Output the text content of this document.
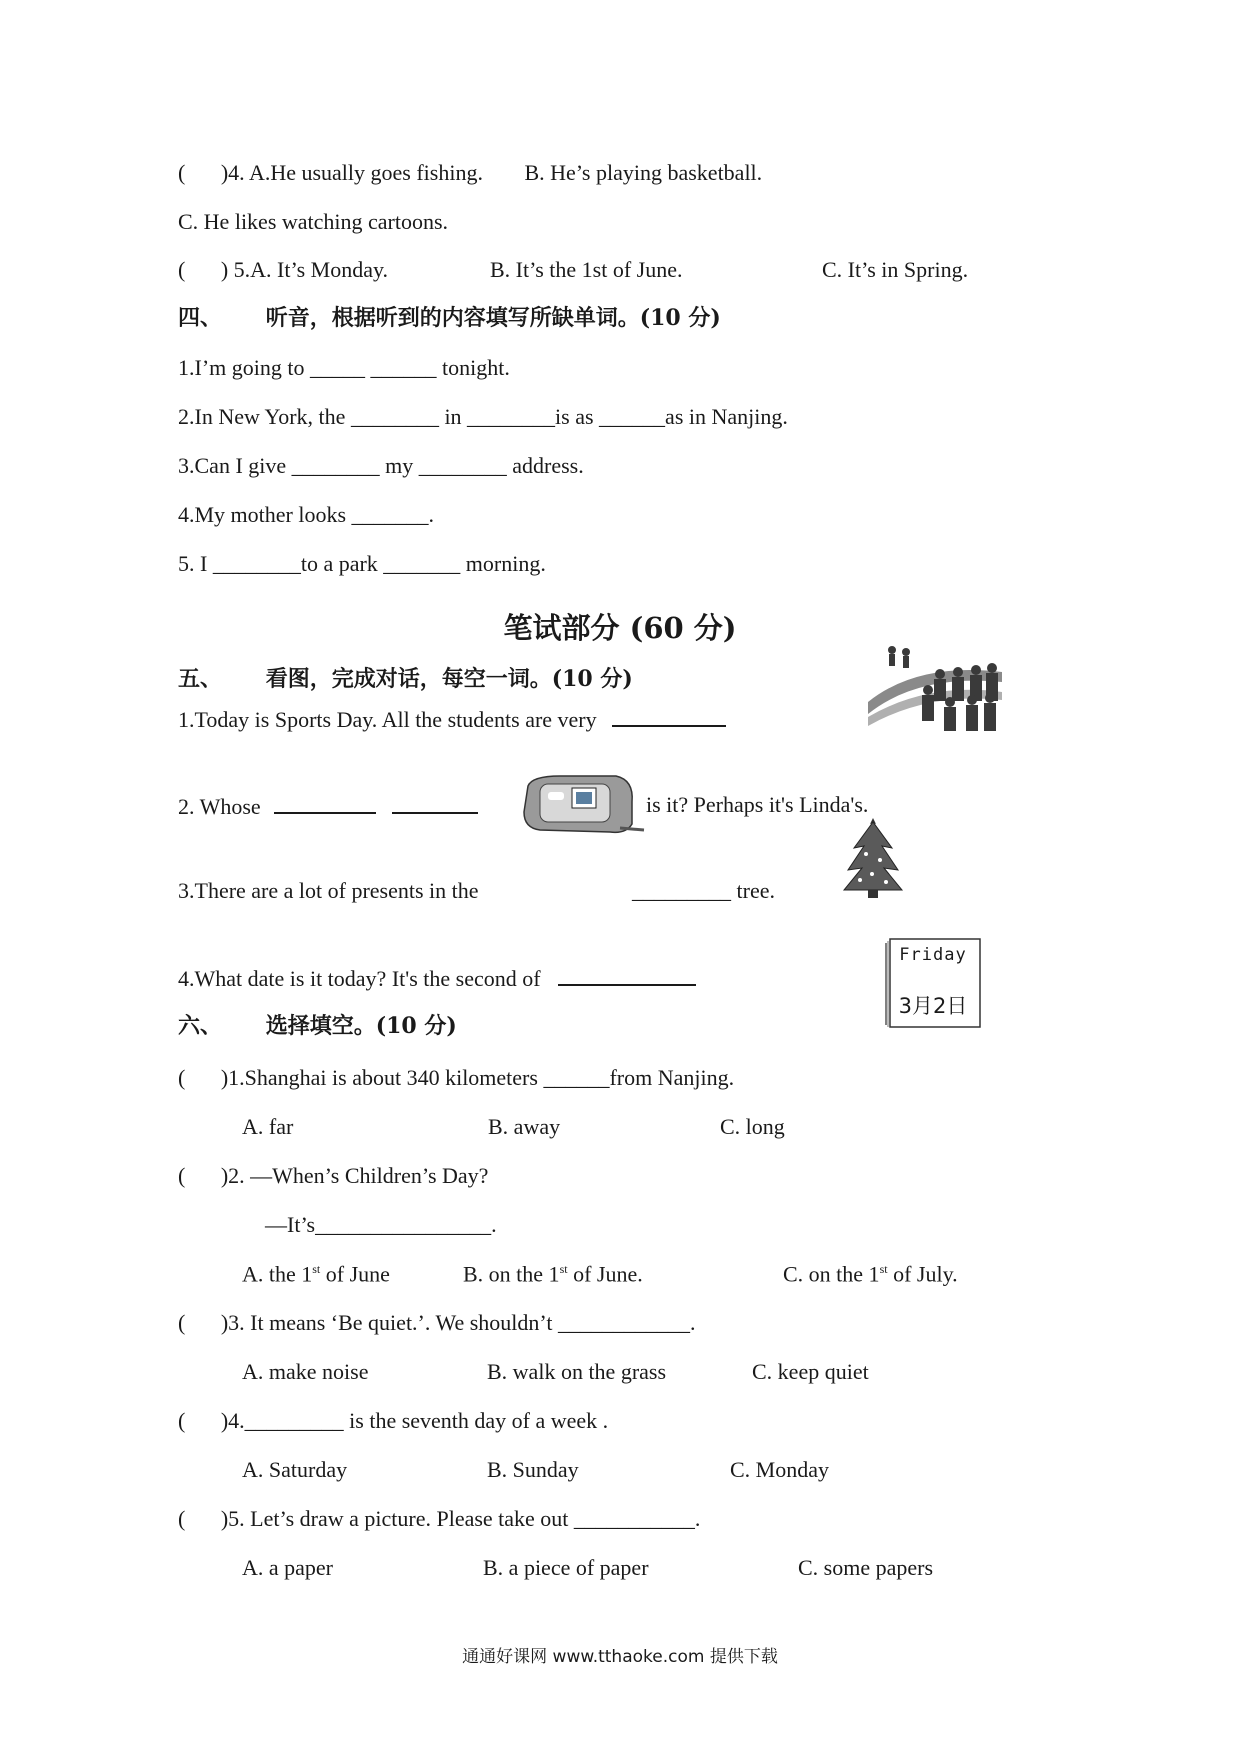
( )4. A.He usually goes fishing. B. He’s playing basketball.
C. He likes watching cartoons.
( ) 5.A. It’s Monday.	B. It’s the 1st of June.	C. It’s in Spring.
四、 听音，根据听到的内容填写所缺单词。(10 分)
1.I’m going to _____ ______ tonight.
2.In New York, the ________ in ________is as ______as in Nanjing.
3.Can I give ________ my ________ address.
4.My mother looks _______.
5. I ________to a park _______ morning.
笔试部分 (60 分)
五、 看图，完成对话，每空一词。(10 分)
1.Today is Sports Day. All the students are very
2. Whose	is it? Perhaps it's Linda's.
3.There are a lot of presents in the	_________ tree.
4.What date is it today? It's the second of
Friday
3月2日
六、 选择填空。(10 分)
( )1.Shanghai is about 340 kilometers ______from Nanjing.
A. far	B. away	C. long
( )2. —When’s Children’s Day?
—It’s________________.
A. the 1st of June	B. on the 1st of June.	C. on the 1st of July.
( )3. It means ‘Be quiet.’. We shouldn’t ____________.
A. make noise	B. walk on the grass	C. keep quiet
( )4._________ is the seventh day of a week .
A. Saturday	B. Sunday	C. Monday
( )5. Let’s draw a picture. Please take out ___________.
A. a paper	B. a piece of paper	C. some papers
通通好课网 www.tthaoke.com 提供下载
